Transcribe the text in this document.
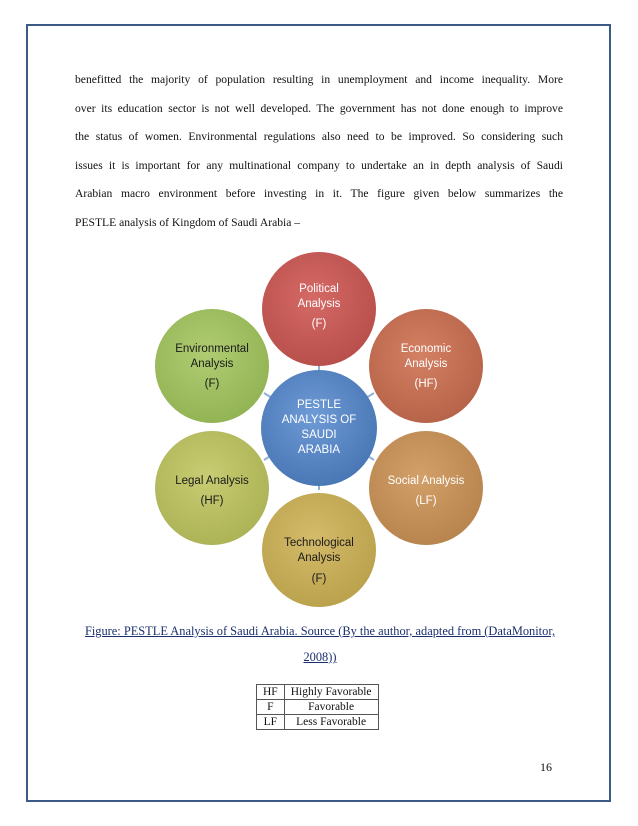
benefitted the majority of population resulting in unemployment and income inequality. More
over its education sector is not well developed. The government has not done enough to improve
the status of women. Environmental regulations also need to be improved. So considering such
issues it is important for any multinational company to undertake an in depth analysis of Saudi
Arabian macro environment before investing in it. The figure given below summarizes the
PESTLE analysis of Kingdom of Saudi Arabia –
Political
Analysis
(F)
Economic
Analysis
(HF)
Social Analysis
(LF)
Technological
Analysis
(F)
Legal Analysis
(HF)
Environmental
Analysis
(F)
PESTLE
ANALYSIS OF
SAUDI
ARABIA
Figure: PESTLE Analysis of Saudi Arabia. Source (By the author, adapted from (DataMonitor,
2008))
HF	Highly Favorable
F	Favorable
LF	Less Favorable
16
